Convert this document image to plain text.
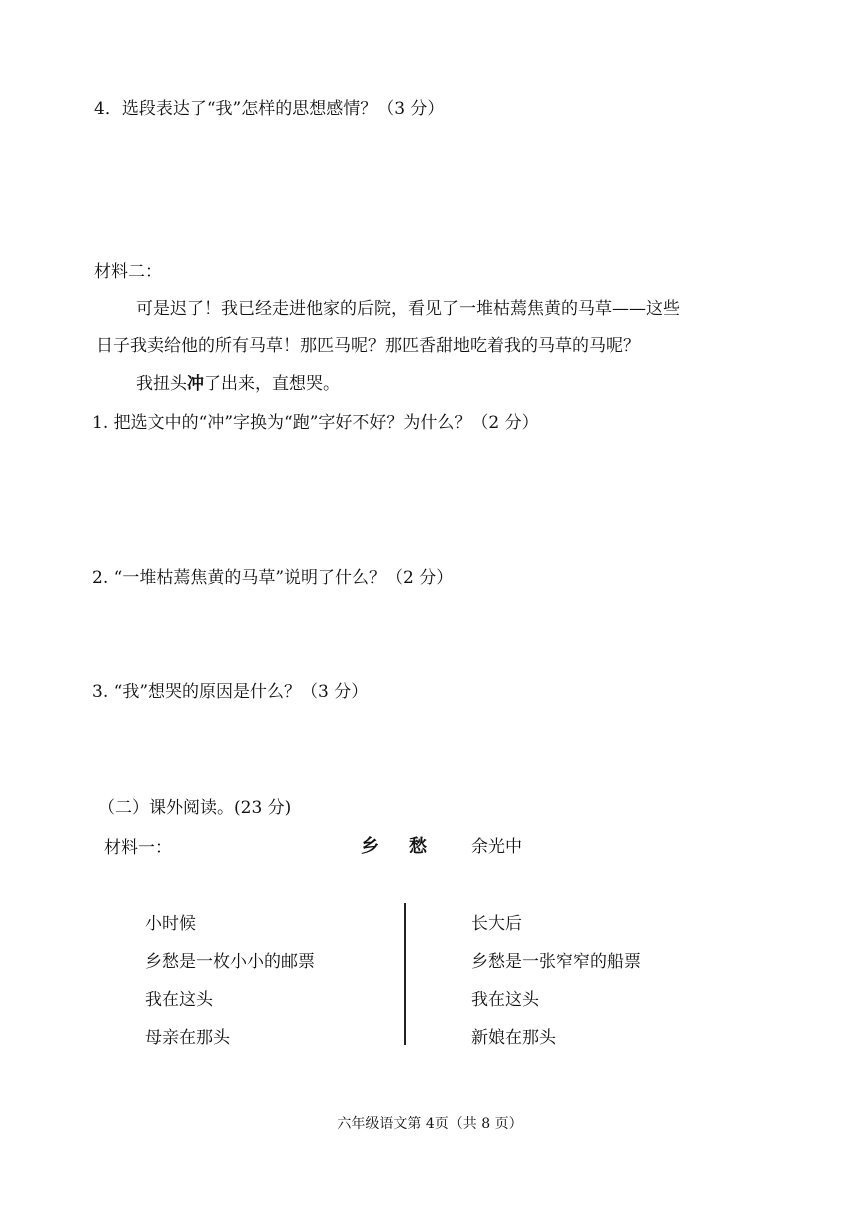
4．选段表达了“我”怎样的思想感情？（3 分）
材料二：
可是迟了！我已经走进他家的后院，看见了一堆枯蔫焦黄的马草——这些
日子我卖给他的所有马草！那匹马呢？那匹香甜地吃着我的马草的马呢？
我扭头冲了出来，直想哭。
1. 把选文中的“冲”字换为“跑”字好不好？为什么？（2 分）
2. “一堆枯蔫焦黄的马草”说明了什么？（2 分）
3. “我”想哭的原因是什么？（3 分）
（二）课外阅读。(23 分)
材料一：	乡 愁	余光中
小时候
乡愁是一枚小小的邮票
我在这头
母亲在那头
长大后
乡愁是一张窄窄的船票
我在这头
新娘在那头
六年级语文第 4页（共 8 页）
